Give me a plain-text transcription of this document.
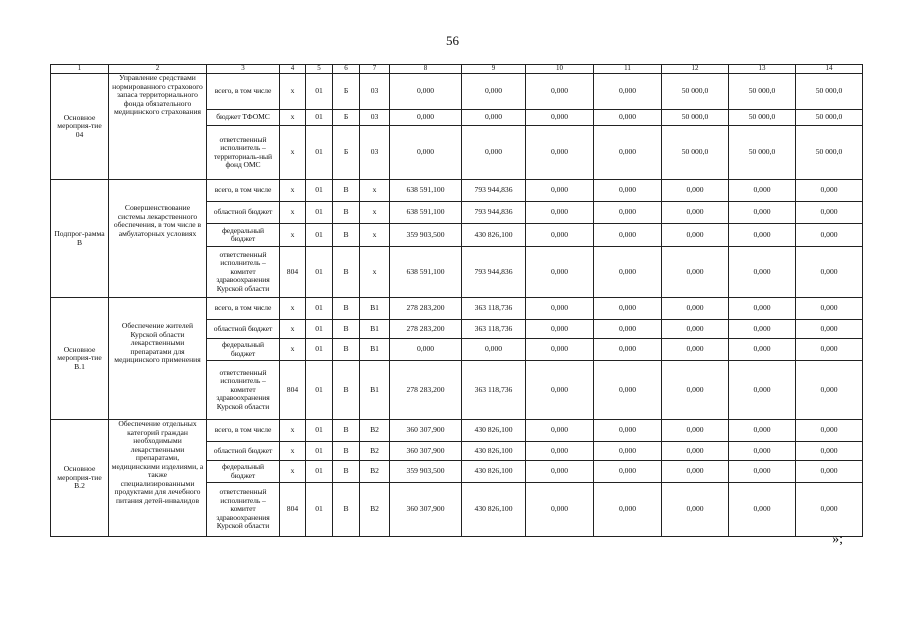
56
1	2	3	4	5	6	7	8	9	10	11	12	13	14
Основное мероприя-тие 04	Управление средствами нормированного страхового запаса территориального фонда обязательного медицинского страхования	всего, в том числе	х	01	Б	03	0,000	0,000	0,000	0,000	50 000,0	50 000,0	50 000,0
		бюджет ТФОМС	х	01	Б	03	0,000	0,000	0,000	0,000	50 000,0	50 000,0	50 000,0
		ответственный исполнитель – территориаль-ный фонд ОМС	х	01	Б	03	0,000	0,000	0,000	0,000	50 000,0	50 000,0	50 000,0
Подпрог-рамма В	Совершенствование системы лекарственного обеспечения, в том числе в амбулаторных условиях	всего, в том числе	х	01	В	х	638 591,100	793 944,836	0,000	0,000	0,000	0,000	0,000
		областной бюджет	х	01	В	х	638 591,100	793 944,836	0,000	0,000	0,000	0,000	0,000
		федеральный бюджет	х	01	В	х	359 903,500	430 826,100	0,000	0,000	0,000	0,000	0,000
		ответственный исполнитель – комитет здравоохранения Курской области	804	01	В	х	638 591,100	793 944,836	0,000	0,000	0,000	0,000	0,000
Основное мероприя-тие В.1	Обеспечение жителей Курской области лекарственными препаратами для медицинского применения	всего, в том числе	х	01	В	В1	278 283,200	363 118,736	0,000	0,000	0,000	0,000	0,000
		областной бюджет	х	01	В	В1	278 283,200	363 118,736	0,000	0,000	0,000	0,000	0,000
		федеральный бюджет	х	01	В	В1	0,000	0,000	0,000	0,000	0,000	0,000	0,000
		ответственный исполнитель – комитет здравоохранения Курской области	804	01	В	В1	278 283,200	363 118,736	0,000	0,000	0,000	0,000	0,000
Основное мероприя-тие В.2	Обеспечение отдельных категорий граждан необходимыми лекарственными препаратами, медицинскими изделиями, а также специализированными продуктами для лечебного питания детей-инвалидов	всего, в том числе	х	01	В	В2	360 307,900	430 826,100	0,000	0,000	0,000	0,000	0,000
		областной бюджет	х	01	В	В2	360 307,900	430 826,100	0,000	0,000	0,000	0,000	0,000
		федеральный бюджет	х	01	В	В2	359 903,500	430 826,100	0,000	0,000	0,000	0,000	0,000
		ответственный исполнитель – комитет здравоохранения Курской области	804	01	В	В2	360 307,900	430 826,100	0,000	0,000	0,000	0,000	0,000
»;
